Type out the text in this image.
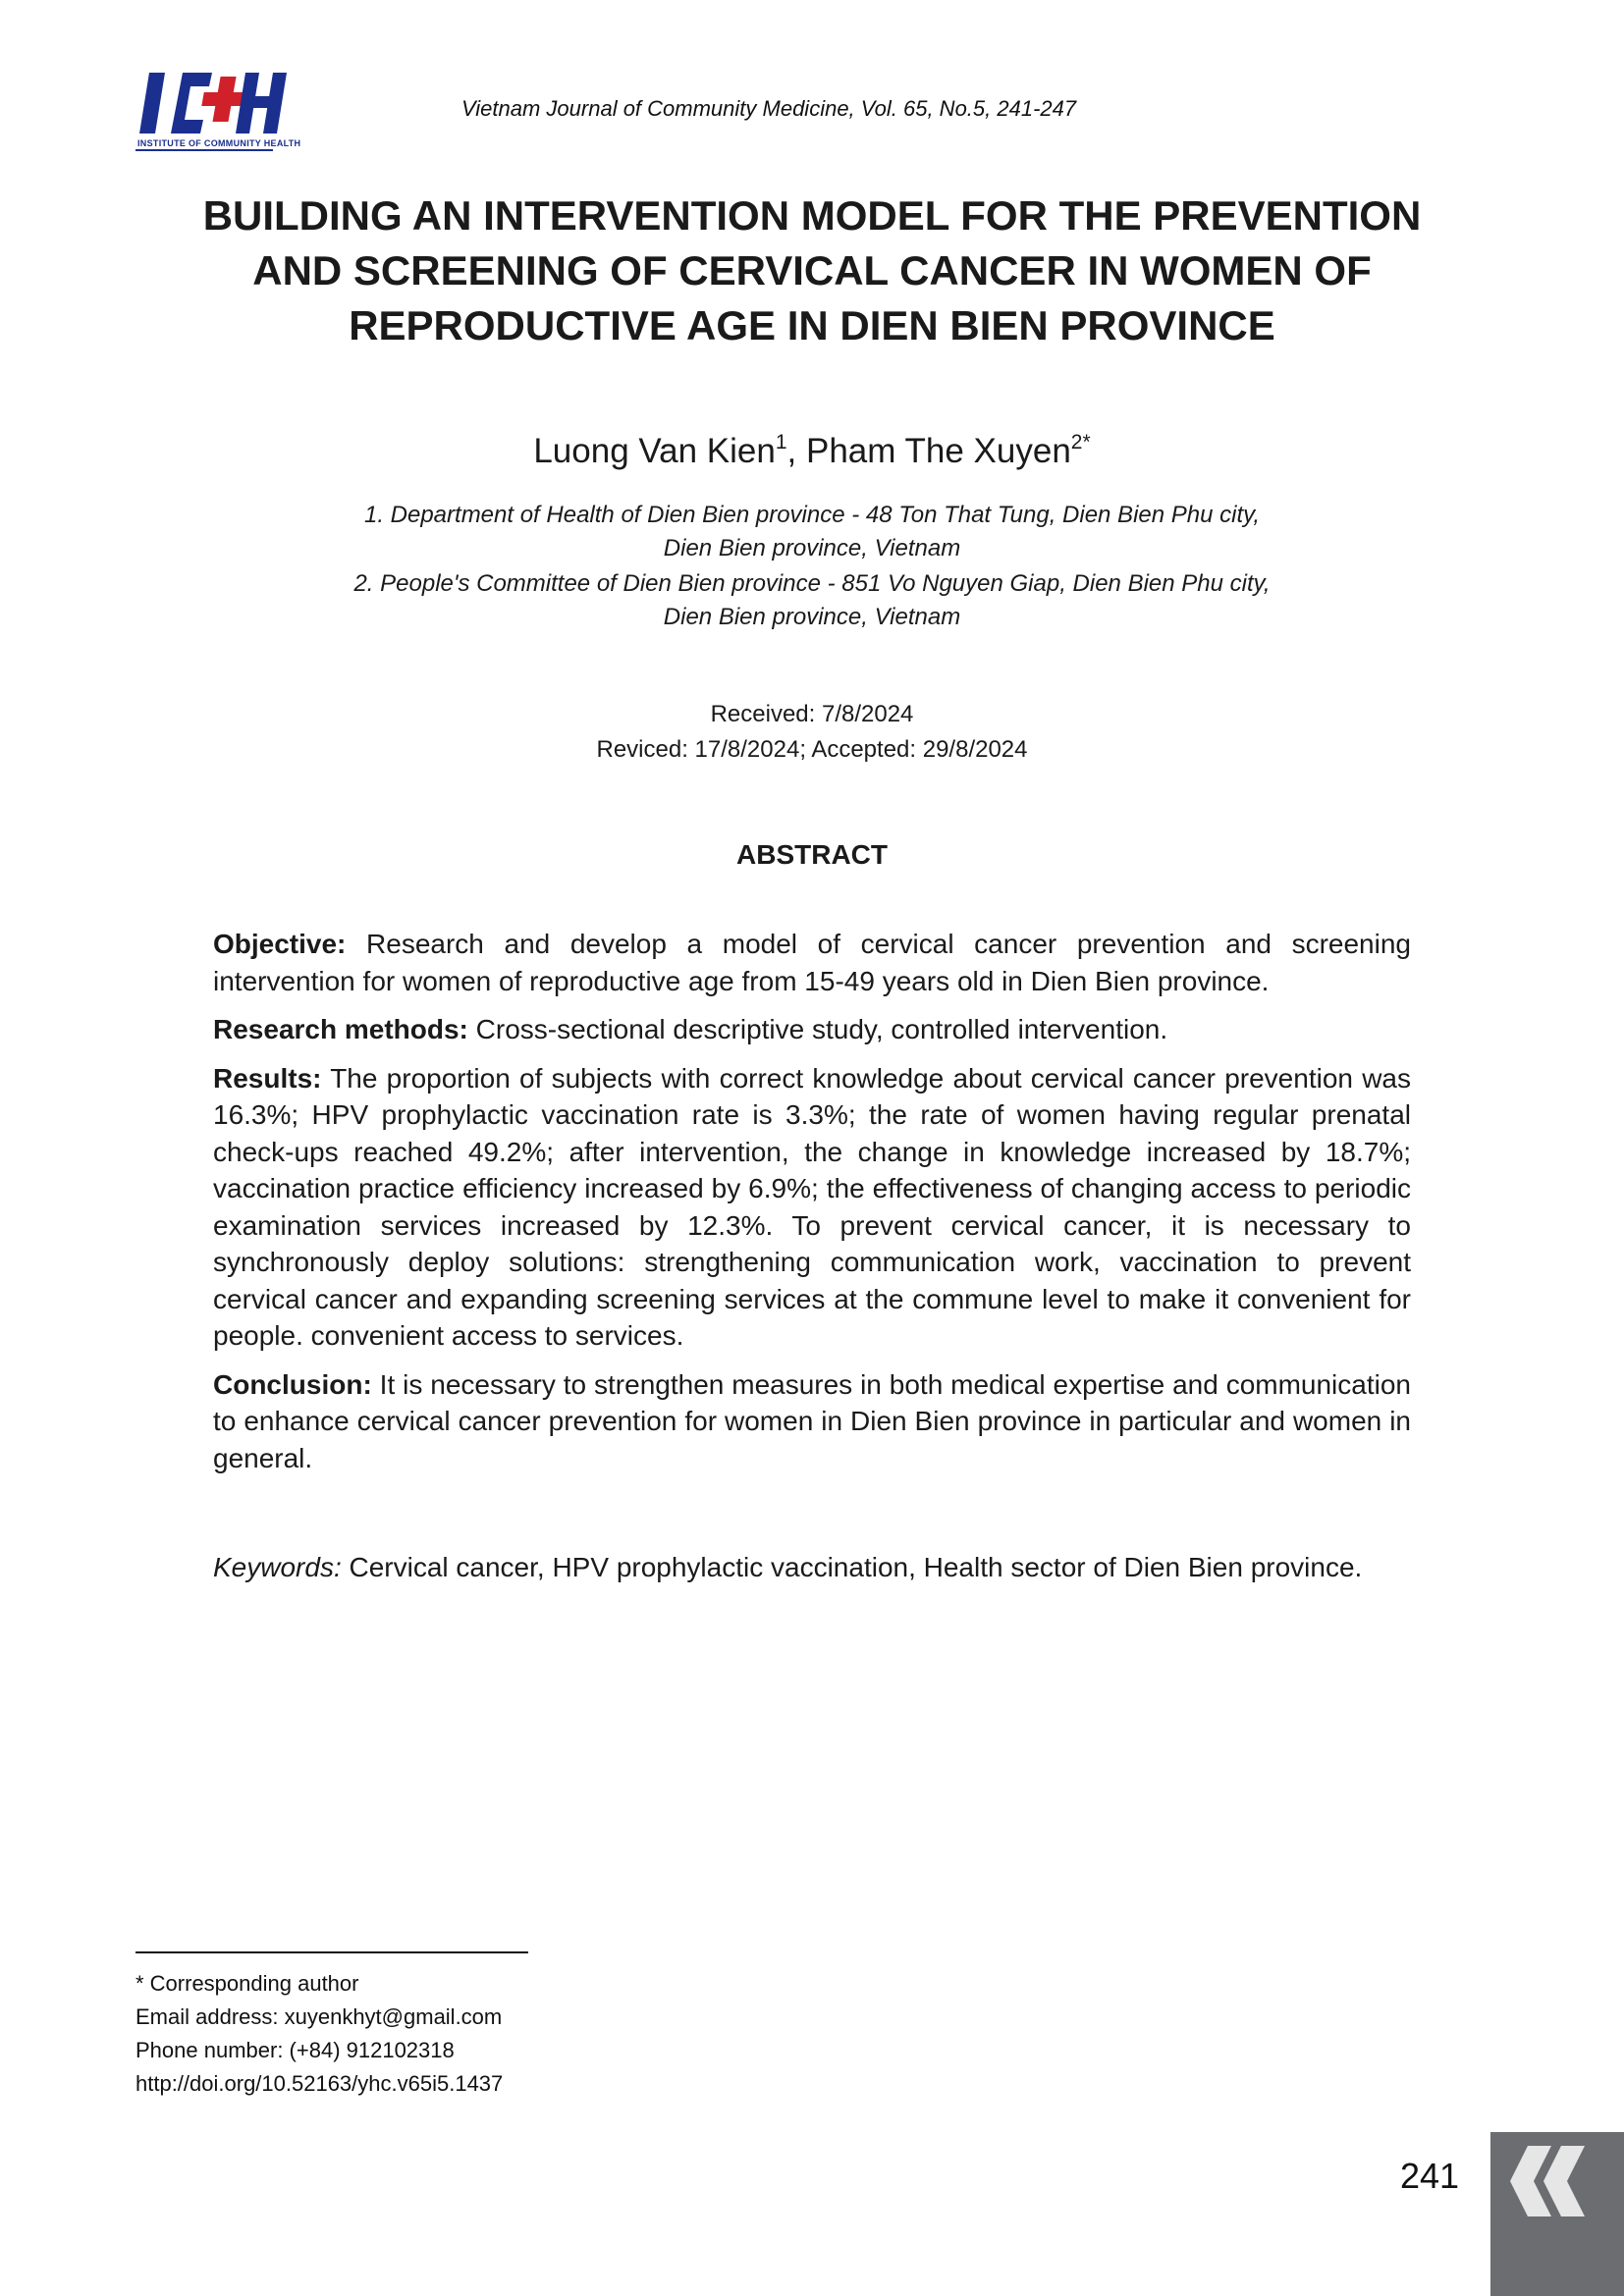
INSTITUTE OF COMMUNITY HEALTH
Vietnam Journal of Community Medicine, Vol. 65, No.5, 241-247
BUILDING AN INTERVENTION MODEL FOR THE PREVENTION
AND SCREENING OF CERVICAL CANCER IN WOMEN OF
REPRODUCTIVE AGE IN DIEN BIEN PROVINCE
Luong Van Kien$^1$, Pham The Xuyen$^{2*}$
1. Department of Health of Dien Bien province - 48 Ton That Tung, Dien Bien Phu city,
Dien Bien province, Vietnam
2. People's Committee of Dien Bien province - 851 Vo Nguyen Giap, Dien Bien Phu city,
Dien Bien province, Vietnam
Received: 7/8/2024
Reviced: 17/8/2024; Accepted: 29/8/2024
ABSTRACT

Objective: Research and develop a model of cervical cancer prevention and screening intervention for women of reproductive age from 15-49 years old in Dien Bien province.

Research methods: Cross-sectional descriptive study, controlled intervention.

Results: The proportion of subjects with correct knowledge about cervical cancer prevention was 16.3%; HPV prophylactic vaccination rate is 3.3%; the rate of women having regular prenatal check-ups reached 49.2%; after intervention, the change in knowledge increased by 18.7%; vaccination practice efficiency increased by 6.9%; the effectiveness of changing access to periodic examination services increased by 12.3%. To prevent cervical cancer, it is necessary to synchronously deploy solutions: strengthening communication work, vaccination to prevent cervical cancer and expanding screening services at the commune level to make it convenient for people. convenient access to services.

Conclusion: It is necessary to strengthen measures in both medical expertise and communication to enhance cervical cancer prevention for women in Dien Bien province in particular and women in general.

Keywords: Cervical cancer, HPV prophylactic vaccination, Health sector of Dien Bien province.
* Corresponding author
Email address: xuyenkhyt@gmail.com
Phone number: (+84) 912102318
http://doi.org/10.52163/yhc.v65i5.1437
241
